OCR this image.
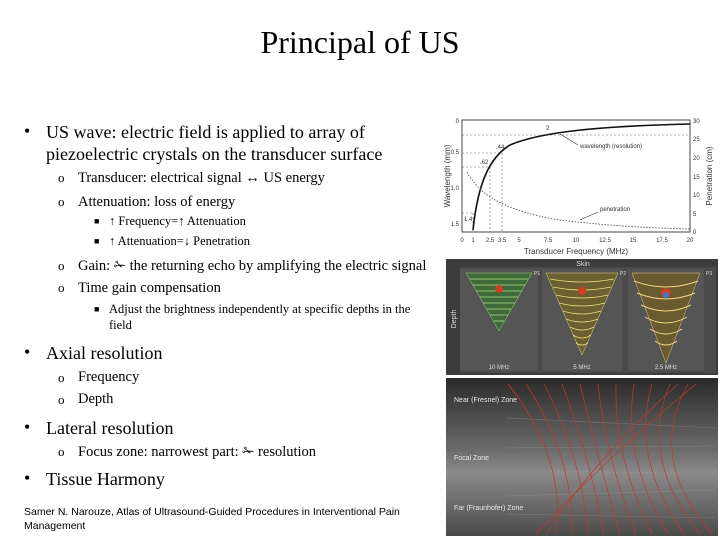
Principal of US
• US wave: electric field is applied to array of piezoelectric crystals on the transducer surface
o Transducer: electrical signal ↔ US energy
o Attenuation: loss of energy
■ ↑ Frequency=↑ Attenuation
■ ↑ Attenuation=↓ Penetration
o Gain: ✁ the returning echo by amplifying the electric signal
o Time gain compensation
■ Adjust the brightness independently at specific depths in the field
• Axial resolution
o Frequency
o Depth
• Lateral resolution
o Focus zone: narrowest part: ✁ resolution
• Tissue Harmony
Samer N. Narouze, Atlas of Ultrasound-Guided Procedures in Interventional Pain Management
Wavelength (mm)	Penetration (cm)
Transducer Frequency (MHz)
0 1 2.5 3.5 5	7.5	10	12.5	15	17.5	20
0
0.5
1.0
1.5
30
25
20
15
10
5
0
2
.44
.62
1.4
wavelength (resolution)
penetration
Skin
Depth
10 MHz
P1
5 MHz
P2
2.5 MHz
P3
Near (Fresnel) Zone
Focal Zone
Far (Fraunhofer) Zone
